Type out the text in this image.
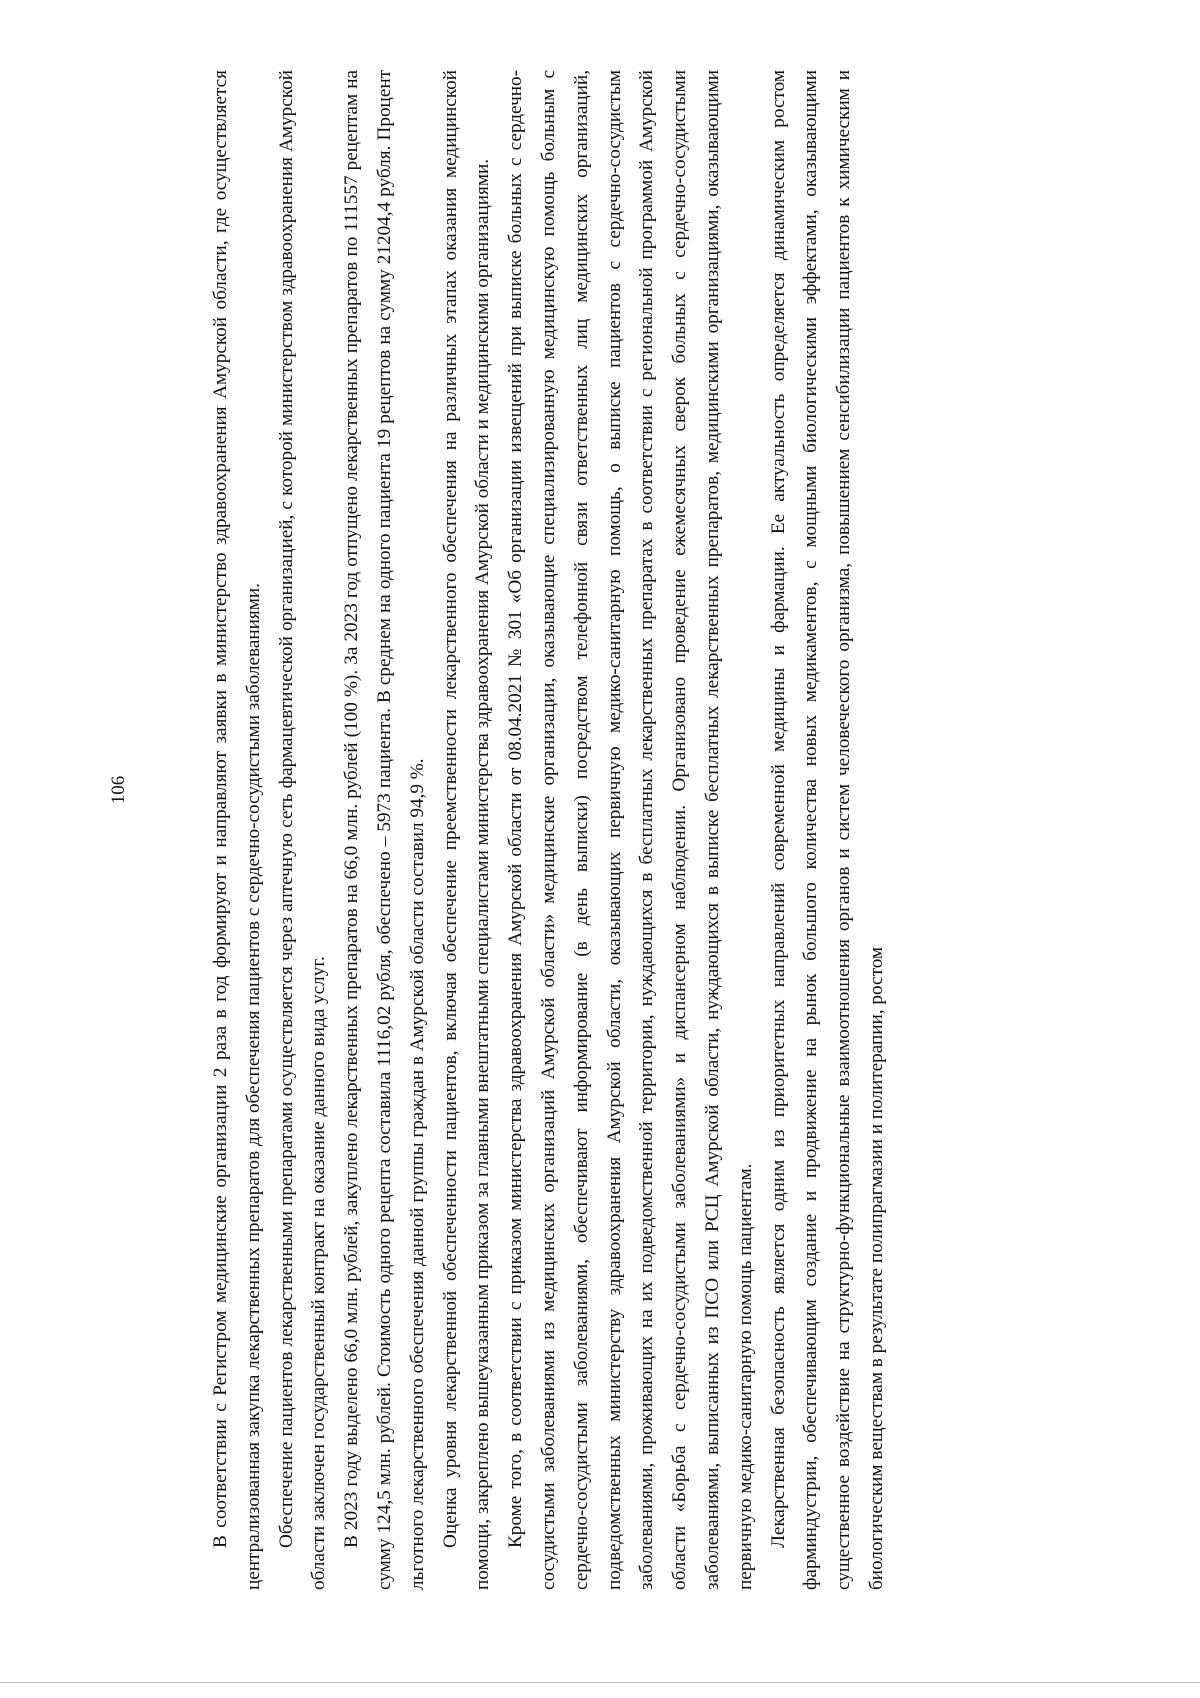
106	В соответствии с Регистром медицинские организации 2 раза в год формируют и направляют заявки в министерство здравоохранения Амурской области, где осуществляется централизованная закупка лекарственных препаратов для обеспечения пациентов с сердечно-сосудистыми заболеваниями. Обеспечение пациентов лекарственными препаратами осуществляется через аптечную сеть фармацевтической организацией, с которой министерством здравоохранения Амурской области заключен государственный контракт на оказание данного вида услуг. В 2023 году выделено 66,0 млн. рублей, закуплено лекарственных препаратов на 66,0 млн. рублей (100 %). За 2023 год отпущено лекарственных препаратов по 111557 рецептам на сумму 124,5 млн. рублей. Стоимость одного рецепта составила 1116,02 рубля, обеспечено – 5973 пациента. В среднем на одного пациента 19 рецептов на сумму 21204,4 рубля. Процент льготного лекарственного обеспечения данной группы граждан в Амурской области составил 94,9 %. Оценка уровня лекарственной обеспеченности пациентов, включая обеспечение преемственности лекарственного обеспечения на различных этапах оказания медицинской помощи, закреплено вышеуказанным приказом за главными внештатными специалистами министерства здравоохранения Амурской области и медицинскими организациями. Кроме того, в соответствии с приказом министерства здравоохранения Амурской области от 08.04.2021 № 301 «Об организации извещений при выписке больных с сердечно-сосудистыми заболеваниями из медицинских организаций Амурской области» медицинские организации, оказывающие специализированную медицинскую помощь больным с сердечно-сосудистыми заболеваниями, обеспечивают информирование (в день выписки) посредством телефонной связи ответственных лиц медицинских организаций, подведомственных министерству здравоохранения Амурской области, оказывающих первичную медико-санитарную помощь, о выписке пациентов с сердечно-сосудистым заболеваниями, проживающих на их подведомственной территории, нуждающихся в бесплатных лекарственных препаратах в соответствии с региональной программой Амурской области «Борьба с сердечно-сосудистыми заболеваниями» и диспансерном наблюдении. Организовано проведение ежемесячных сверок больных с сердечно-сосудистыми заболеваниями, выписанных из ПСО или РСЦ Амурской области, нуждающихся в выписке бесплатных лекарственных препаратов, медицинскими организациями, оказывающими первичную медико-санитарную помощь пациентам. Лекарственная безопасность является одним из приоритетных направлений современной медицины и фармации. Ее актуальность определяется динамическим ростом фарминдустрии, обеспечивающим создание и продвижение на рынок большого количества новых медикаментов, с мощными биологическими эффектами, оказывающими существенное воздействие на структурно-функциональные взаимоотношения органов и систем человеческого организма, повышением сенсибилизации пациентов к химическим и биологическим веществам в результате полипрагмазии и политерапии, ростом
